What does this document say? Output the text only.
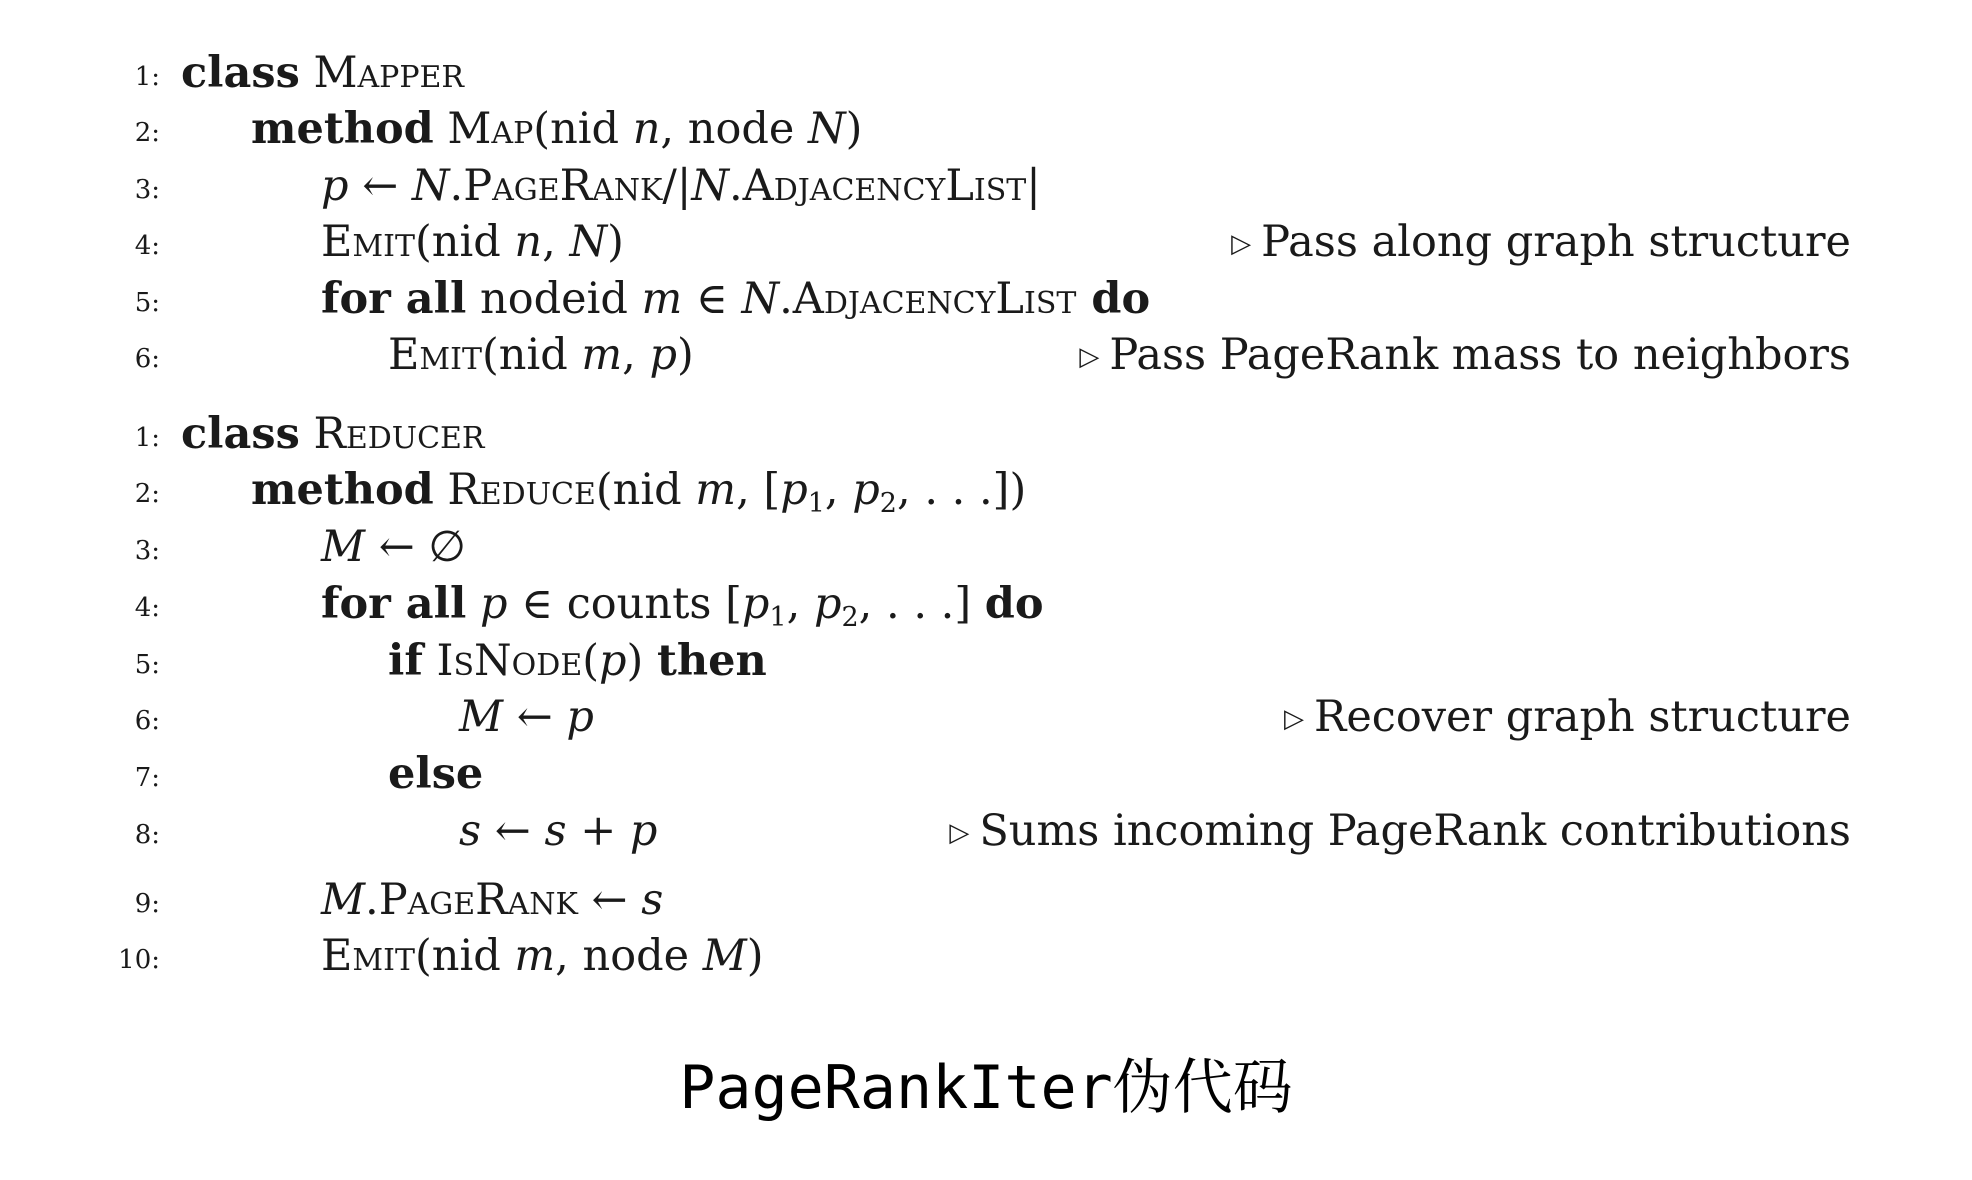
1: class Mapper
2: method Map(nid n, node N)
3:	p ← N.PageRank/|N.AdjacencyList|
4:	Emit(nid n, N)	▷ Pass along graph structure
5:	for all nodeid m ∈ N.AdjacencyList do
6:	Emit(nid m, p)	▷ Pass PageRank mass to neighbors
1: class Reducer
2: method Reduce(nid m, [$p_1$, $p_2$, . . .])
3:	M ← ∅
4:	for all p ∈ counts [$p_1$, $p_2$, . . .] do
5:	if IsNode(p) then
6:	M ← p	▷ Recover graph structure
7:	else
8:	s ← s + p	▷ Sums incoming PageRank contributions
9:	M.PageRank ← s
10:	Emit(nid m, node M)
PageRankIter伪代码
